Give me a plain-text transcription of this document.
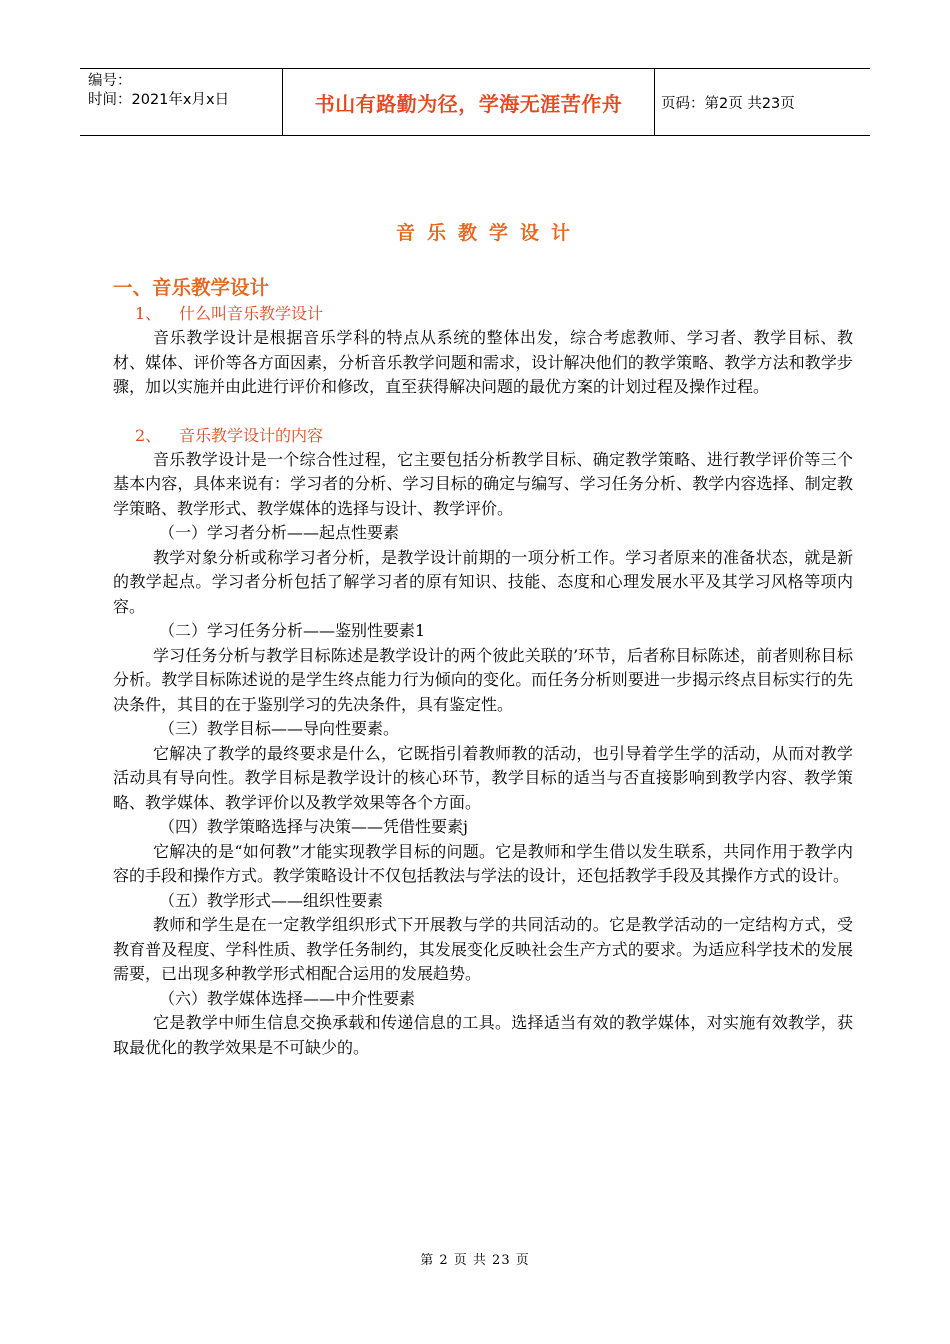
编号：
时间：2021年x月x日	书山有路勤为径，学海无涯苦作舟	页码：第2页 共23页
音乐教学设计
一、音乐教学设计
1、 什么叫音乐教学设计

音乐教学设计是根据音乐学科的特点从系统的整体出发，综合考虑教师、学习者、教学目标、教材、媒体、评价等各方面因素，分析音乐教学问题和需求，设计解决他们的教学策略、教学方法和教学步骤，加以实施并由此进行评价和修改，直至获得解决问题的最优方案的计划过程及操作过程。

2、 音乐教学设计的内容

音乐教学设计是一个综合性过程，它主要包括分析教学目标、确定教学策略、进行教学评价等三个基本内容，具体来说有：学习者的分析、学习目标的确定与编写、学习任务分析、教学内容选择、制定教学策略、教学形式、教学媒体的选择与设计、教学评价。

（一）学习者分析——起点性要素

教学对象分析或称学习者分析，是教学设计前期的一项分析工作。学习者原来的准备状态，就是新的教学起点。学习者分析包括了解学习者的原有知识、技能、态度和心理发展水平及其学习风格等项内容。

（二）学习任务分析——鉴别性要素1

学习任务分析与教学目标陈述是教学设计的两个彼此关联的’环节，后者称目标陈述，前者则称目标分析。教学目标陈述说的是学生终点能力行为倾向的变化。而任务分析则要进一步揭示终点目标实行的先决条件，其目的在于鉴别学习的先决条件，具有鉴定性。

（三）教学目标——导向性要素。

它解决了教学的最终要求是什么，它既指引着教师教的活动，也引导着学生学的活动，从而对教学活动具有导向性。教学目标是教学设计的核心环节，教学目标的适当与否直接影响到教学内容、教学策略、教学媒体、教学评价以及教学效果等各个方面。

（四）教学策略选择与决策——凭借性要素j

它解决的是“如何教”才能实现教学目标的问题。它是教师和学生借以发生联系，共同作用于教学内容的手段和操作方式。教学策略设计不仅包括教法与学法的设计，还包括教学手段及其操作方式的设计。

（五）教学形式——组织性要素

教师和学生是在一定教学组织形式下开展教与学的共同活动的。它是教学活动的一定结构方式，受教育普及程度、学科性质、教学任务制约，其发展变化反映社会生产方式的要求。为适应科学技术的发展需要，已出现多种教学形式相配合运用的发展趋势。

（六）教学媒体选择——中介性要素

它是教学中师生信息交换承载和传递信息的工具。选择适当有效的教学媒体，对实施有效教学，获取最优化的教学效果是不可缺少的。

第 2 页 共 23 页
